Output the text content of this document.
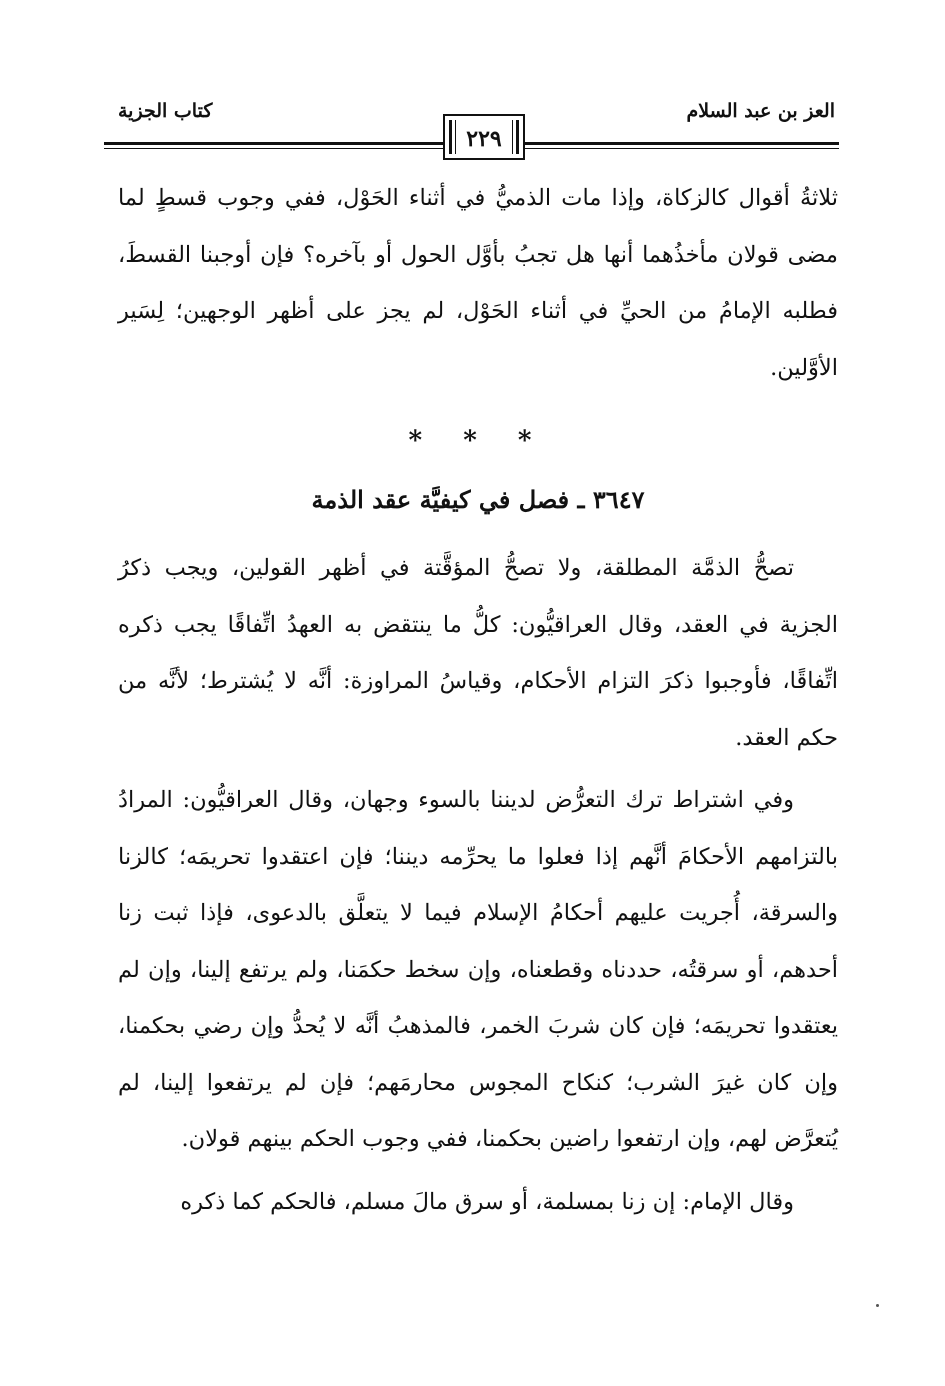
العز بن عبد السلام
كتاب الجزية
٢٢٩

ثلاثةُ أقوال كالزكاة، وإذا مات الذميُّ في أثناء الحَوْل، ففي وجوب قسطٍ لما مضى قولان مأخذُهما أنها هل تجبُ بأوَّل الحول أو بآخره؟ فإن أوجبنا القسطَ، فطلبه الإمامُ من الحيِّ في أثناء الحَوْل، لم يجز على أظهر الوجهين؛ لِسَير الأوَّلين.

* * *
٣٦٤٧ ـ فصل في كيفيَّة عقد الذمة

تصحُّ الذمَّة المطلقة، ولا تصحُّ المؤقَّتة في أظهر القولين، ويجب ذكرُ الجزية في العقد، وقال العراقيُّون: كلُّ ما ينتقض به العهدُ اتِّفاقًا يجب ذكره اتِّفاقًا، فأوجبوا ذكرَ التزام الأحكام، وقياسُ المراوزة: أنَّه لا يُشترط؛ لأنَّه من حكم العقد.

وفي اشتراط ترك التعرُّض لديننا بالسوء وجهان، وقال العراقيُّون: المرادُ بالتزامهم الأحكامَ أنَّهم إذا فعلوا ما يحرِّمه ديننا؛ فإن اعتقدوا تحريمَه؛ كالزنا والسرقة، أُجريت عليهم أحكامُ الإسلام فيما لا يتعلَّق بالدعوى، فإذا ثبت زنا أحدهم، أو سرقتُه، حددناه وقطعناه، وإن سخط حكمَنا، ولم يرتفع إلينا، وإن لم يعتقدوا تحريمَه؛ فإن كان شربَ الخمر، فالمذهبُ أنَّه لا يُحدُّ وإن رضي بحكمنا، وإن كان غيرَ الشرب؛ كنكاح المجوس محارمَهم؛ فإن لم يرتفعوا إلينا، لم يُتعرَّض لهم، وإن ارتفعوا راضين بحكمنا، ففي وجوب الحكم بينهم قولان.

وقال الإمام: إن زنا بمسلمة، أو سرق مالَ مسلم، فالحكم كما ذكره
